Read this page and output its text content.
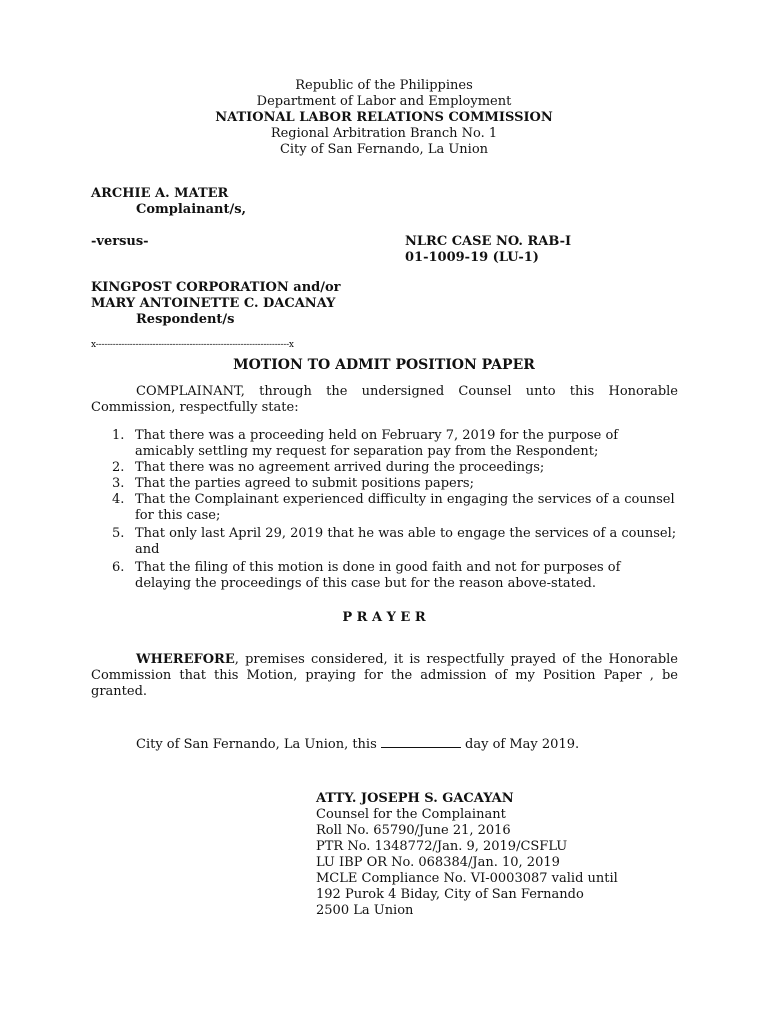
Republic of the Philippines
Department of Labor and Employment
NATIONAL LABOR RELATIONS COMMISSION
Regional Arbitration Branch No. 1
City of San Fernando, La Union
ARCHIE A. MATER
Complainant/s,
-versus-	NLRC CASE NO. RAB-I
01-1009-19 (LU-1)
KINGPOST CORPORATION and/or
MARY ANTOINETTE C. DACANAY
Respondent/s
x--------------------------------------------------------------------x
MOTION TO ADMIT POSITION PAPER
COMPLAINANT, through the undersigned Counsel unto this Honorable Commission, respectfully state:
1. That there was a proceeding held on February 7, 2019 for the purpose of amicably settling my request for separation pay from the Respondent;
2. That there was no agreement arrived during the proceedings;
3. That the parties agreed to submit positions papers;
4. That the Complainant experienced difficulty in engaging the services of a counsel for this case;
5. That only last April 29, 2019 that he was able to engage the services of a counsel; and
6. That the filing of this motion is done in good faith and not for purposes of delaying the proceedings of this case but for the reason above-stated.
P R A Y E R
WHEREFORE, premises considered, it is respectfully prayed of the Honorable Commission that this Motion, praying for the admission of my Position Paper , be granted.
City of San Fernando, La Union, this	day of May 2019.
ATTY. JOSEPH S. GACAYAN
Counsel for the Complainant
Roll No. 65790/June 21, 2016
PTR No. 1348772/Jan. 9, 2019/CSFLU
LU IBP OR No. 068384/Jan. 10, 2019
MCLE Compliance No. VI-0003087 valid until
192 Purok 4 Biday, City of San Fernando
2500 La Union
